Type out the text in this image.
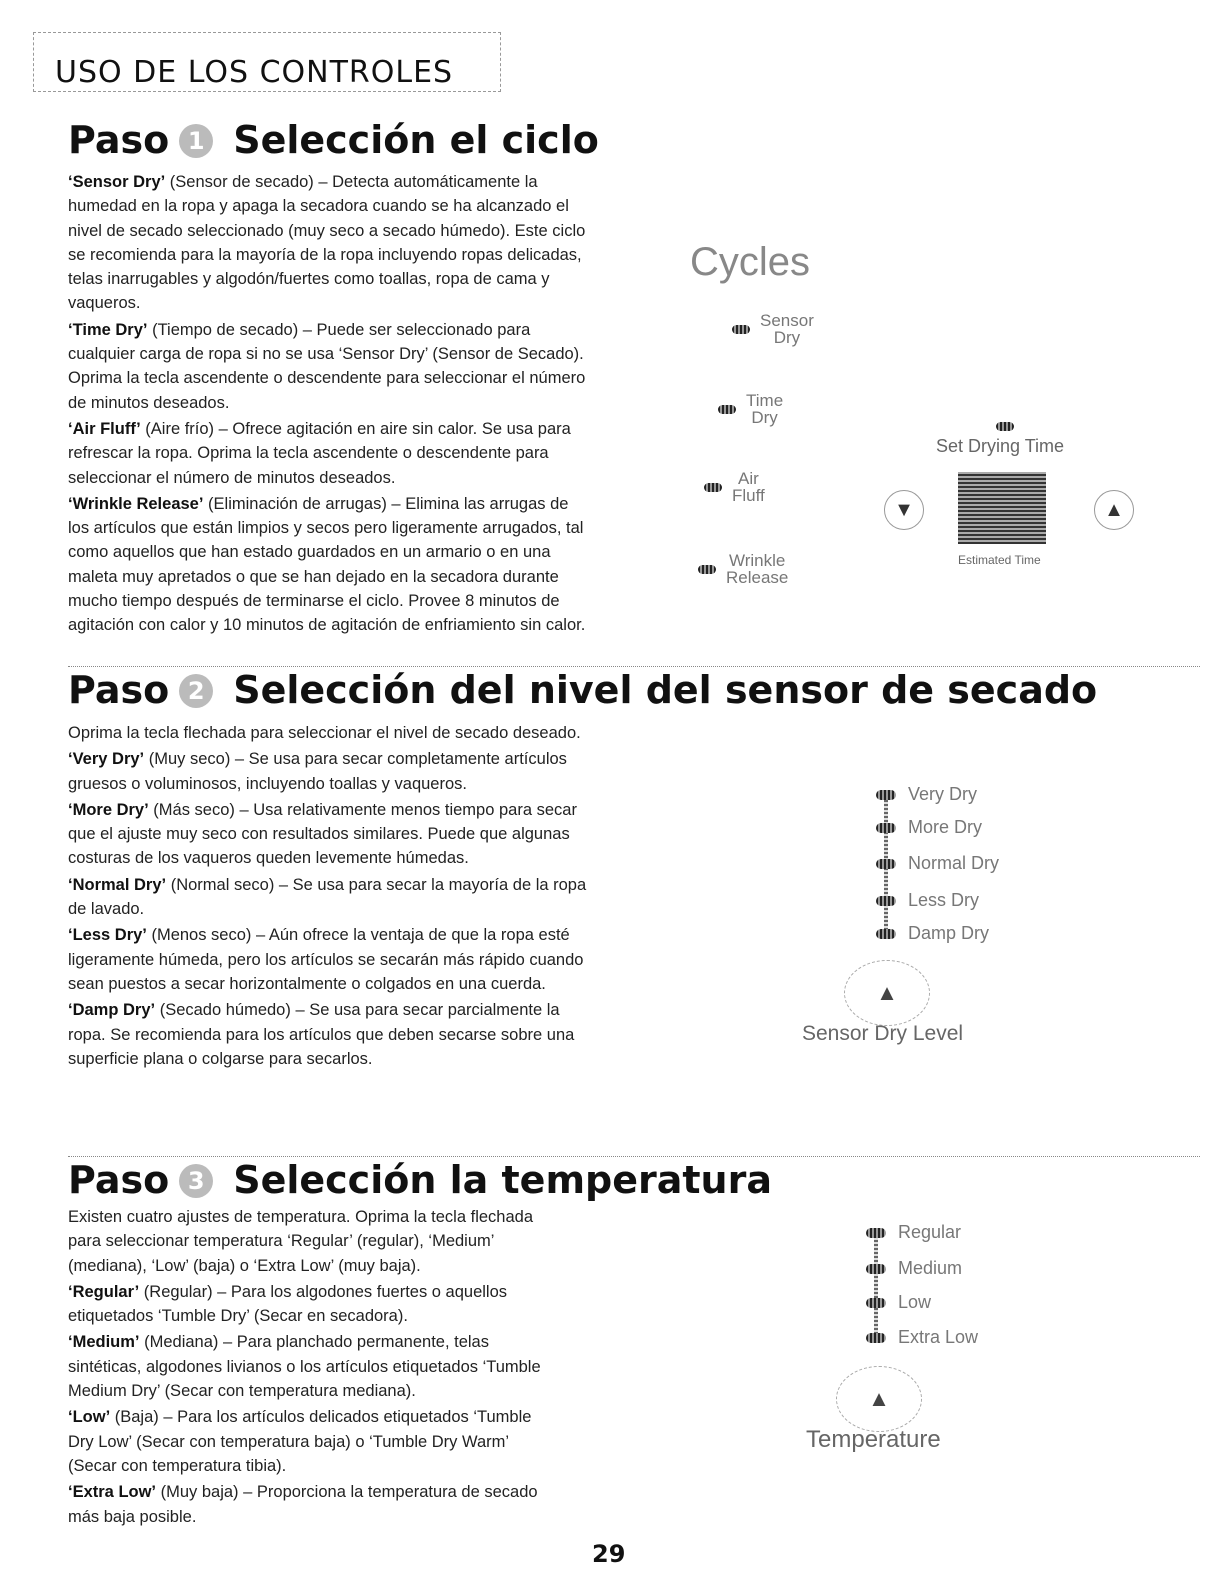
USO DE LOS CONTROLES
Paso 1 Selección el ciclo

‘Sensor Dry’ (Sensor de secado) – Detecta automáticamente la humedad en la ropa y apaga la secadora cuando se ha alcanzado el nivel de secado seleccionado (muy seco a secado húmedo). Este ciclo se recomienda para la mayoría de la ropa incluyendo ropas delicadas, telas inarrugables y algodón/fuertes como toallas, ropa de cama y vaqueros.

‘Time Dry’ (Tiempo de secado) – Puede ser seleccionado para cualquier carga de ropa si no se usa ‘Sensor Dry’ (Sensor de Secado). Oprima la tecla ascendente o descendente para seleccionar el número de minutos deseados.

‘Air Fluff’ (Aire frío) – Ofrece agitación en aire sin calor. Se usa para refrescar la ropa. Oprima la tecla ascendente o descendente para seleccionar el número de minutos deseados.

‘Wrinkle Release’ (Eliminación de arrugas) – Elimina las arrugas de los artículos que están limpios y secos pero ligeramente arrugados, tal como aquellos que han estado guardados en un armario o en una maleta muy apretados o que se han dejado en la secadora durante mucho tiempo después de terminarse el ciclo. Provee 8 minutos de agitación con calor y 10 minutos de agitación de enfriamiento sin calor.

Cycles
Sensor
Dry
Time
Dry
Air
Fluff
Wrinkle
Release
Set Drying Time
▼	▲
Estimated Time
Paso 2 Selección del nivel del sensor de secado

Oprima la tecla flechada para seleccionar el nivel de secado deseado.

‘Very Dry’ (Muy seco) – Se usa para secar completamente artículos gruesos o voluminosos, incluyendo toallas y vaqueros.

‘More Dry’ (Más seco) – Usa relativamente menos tiempo para secar que el ajuste muy seco con resultados similares. Puede que algunas costuras de los vaqueros queden levemente húmedas.

‘Normal Dry’ (Normal seco) – Se usa para secar la mayoría de la ropa de lavado.

‘Less Dry’ (Menos seco) – Aún ofrece la ventaja de que la ropa esté ligeramente húmeda, pero los artículos se secarán más rápido cuando sean puestos a secar horizontalmente o colgados en una cuerda.

‘Damp Dry’ (Secado húmedo) – Se usa para secar parcialmente la ropa. Se recomienda para los artículos que deben secarse sobre una superficie plana o colgarse para secarlos.

Very Dry
More Dry
Normal Dry
Less Dry
Damp Dry
▲
Sensor Dry Level
Paso 3 Selección la temperatura

Existen cuatro ajustes de temperatura. Oprima la tecla flechada para seleccionar temperatura ‘Regular’ (regular), ‘Medium’ (mediana), ‘Low’ (baja) o ‘Extra Low’ (muy baja).

‘Regular’ (Regular) – Para los algodones fuertes o aquellos etiquetados ‘Tumble Dry’ (Secar en secadora).

‘Medium’ (Mediana) – Para planchado permanente, telas sintéticas, algodones livianos o los artículos etiquetados ‘Tumble Medium Dry’ (Secar con temperatura mediana).

‘Low’ (Baja) – Para los artículos delicados etiquetados ‘Tumble Dry Low’ (Secar con temperatura baja) o ‘Tumble Dry Warm’ (Secar con temperatura tibia).

‘Extra Low’ (Muy baja) – Proporciona la temperatura de secado más baja posible.

Regular
Medium
Low
Extra Low
▲
Temperature
29
